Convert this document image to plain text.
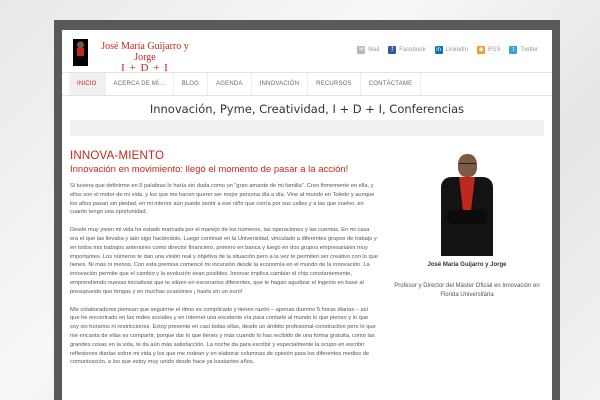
José María Guijarro y Jorge
I + D + I
✉ Mail	f	Facebook in Linkedin ◉ RSS	t	Twitter
INICIO	ACERCA DE MÍ...	BLOG	AGENDA	INNOVACIÓN	RECURSOS	CONTÁCTAME
Innovación, Pyme, Creatividad, I + D + I, Conferencias
INNOVA-MIENTO
Innovación en movimiento: llegó el momento de pasar a la acción!

Si tuviera que definirme en 5 palabras lo haría sin duda como un “gran amante de mi familia”. Creo firmemente en ella, y ellos son el motor de mi vida, y los que me hacen querer ser mejor persona día a día. Vine al mundo en Toledo y aunque los años pasan sin piedad, en mi interior aún puedo sentir a ese niño que corría por sus calles y a las que vuelvo, en cuanto tengo una oportunidad.

Desde muy joven mi vida ha estado marcada por el manejo de los números, las operaciones y las cuentas. En mi casa era el que las llevaba y aún sigo haciéndolo. Luego continué en la Universidad, vinculado a diferentes grupos de trabajo y en todos mis trabajos anteriores como director financiero, primero en banca y luego en dos grupos empresariales muy importantes. Los números te dan una visión real y objetiva de la situación pero a la vez te permiten ser creativo con lo que tienes. Ni más ni menos. Con esta premisa comencé mi incursión desde la economía en el mundo de la innovación. La innovación permite que el cambio y la evolución sean posibles. Innovar implica cambiar el chip constantemente, emprendiendo nuevas iniciativas que te sitúen en escenarios diferentes, que te hagan agudizar el ingenio en base al presupuesto que tengas y en muchas ocasiones ¡ hasta sin un euro!

Mis colaboradores piensan que seguirme el ritmo es complicado y tienen razón – apenas duermo 5 horas diarias – así que he encontrado en las redes sociales y en Internet una excelente vía para contarle al mundo lo que pienso y lo que soy sin horarios ni restricciones. Estoy presente en casi todas ellas, desde un ámbito profesional-constructivo pero lo que me encanta de ellas es compartir, porque dar lo que tienes y más cuando lo has recibido de una forma gratuita, como las grandes cosas en la vida, te da aún más satisfacción. La noche da para escribir y especialmente la ocupo en escribir reflexiones diarias sobre mi vida y los que me rodean y en elaborar columnas de opinión para los diferentes medios de comunicación, a los que estoy muy unido desde hace ya bastantes años.

José María Guijarro y Jorge
Profesor y Director del Máster Oficial en Innovación en Florida Universitària
